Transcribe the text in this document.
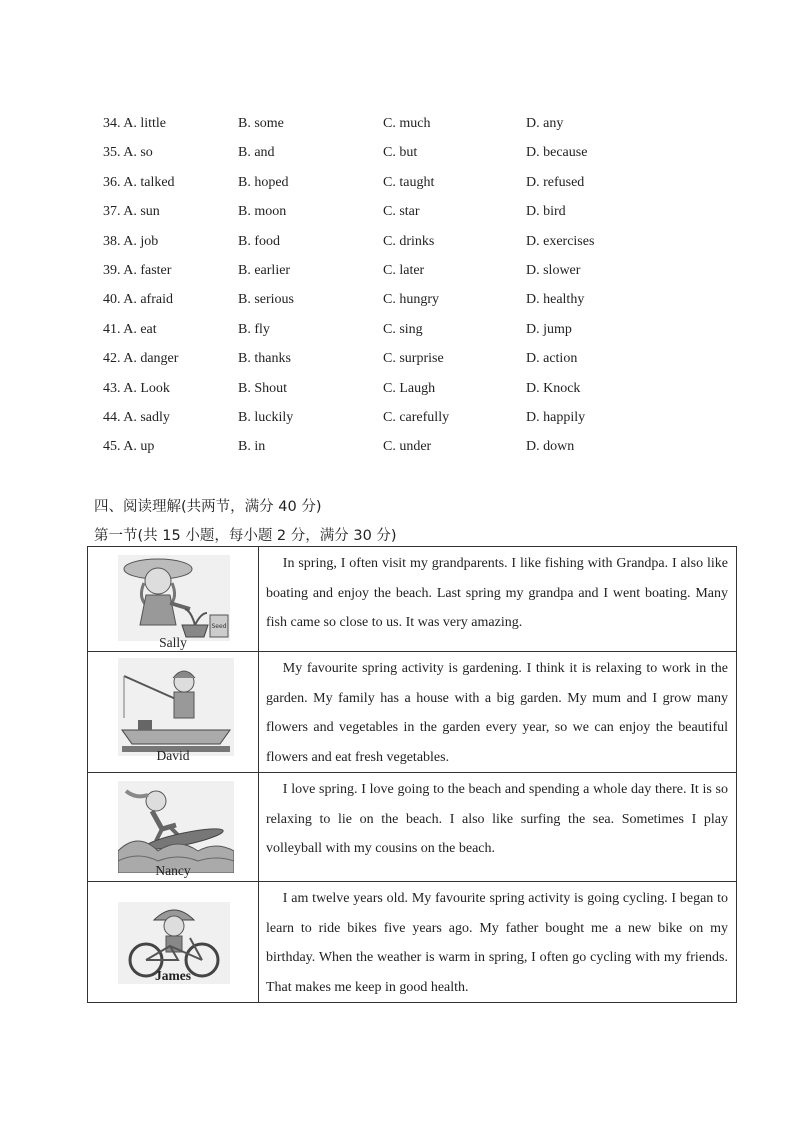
34. A. little	B. some	C. much	D. any
35. A. so	B. and	C. but	D. because
36. A. talked	B. hoped	C. taught	D. refused
37. A. sun	B. moon	C. star	D. bird
38. A. job	B. food	C. drinks	D. exercises
39. A. faster	B. earlier	C. later	D. slower
40. A. afraid	B. serious	C. hungry	D. healthy
41. A. eat	B. fly	C. sing	D. jump
42. A. danger	B. thanks	C. surprise	D. action
43. A. Look	B. Shout	C. Laugh	D. Knock
44. A. sadly	B. luckily	C. carefully	D. happily
45. A. up	B. in	C. under	D. down
四、阅读理解(共两节，满分 40 分)
第一节(共 15 小题，每小题 2 分，满分 30 分)
Seed
Sally	In spring, I often visit my grandparents. I like fishing with Grandpa. I also like boating and enjoy the beach. Last spring my grandpa and I went boating. Many fish came so close to us. It was very amazing.

David	My favourite spring activity is gardening. I think it is relaxing to work in the garden. My family has a house with a big garden. My mum and I grow many flowers and vegetables in the garden every year, so we can enjoy the beautiful flowers and eat fresh vegetables.

Nancy	I love spring. I love going to the beach and spending a whole day there. It is so relaxing to lie on the beach. I also like surfing the sea. Sometimes I play volleyball with my cousins on the beach.

James	I am twelve years old. My favourite spring activity is going cycling. I began to learn to ride bikes five years ago. My father bought me a new bike on my birthday. When the weather is warm in spring, I often go cycling with my friends. That makes me keep in good health.
